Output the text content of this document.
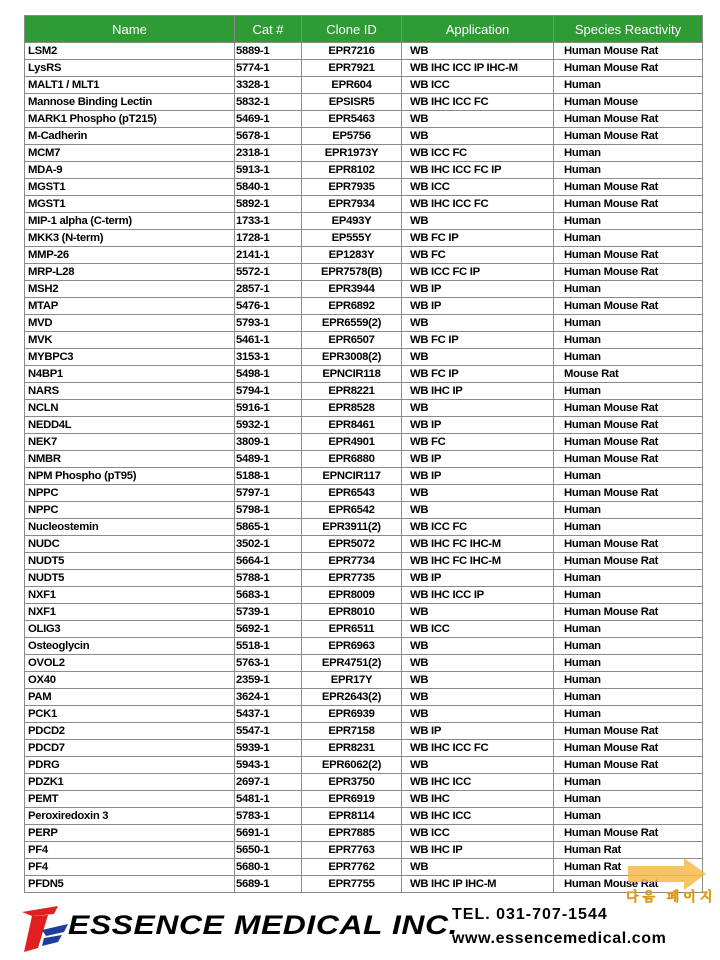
Name	Cat #	Clone ID	Application	Species Reactivity
LSM2	5889-1	EPR7216	WB	Human Mouse Rat
LysRS	5774-1	EPR7921	WB IHC ICC IP IHC-M	Human Mouse Rat
MALT1 / MLT1	3328-1	EPR604	WB ICC	Human
Mannose Binding Lectin	5832-1	EPSISR5	WB IHC ICC FC	Human Mouse
MARK1 Phospho (pT215)	5469-1	EPR5463	WB	Human Mouse Rat
M-Cadherin	5678-1	EP5756	WB	Human Mouse Rat
MCM7	2318-1	EPR1973Y	WB ICC FC	Human
MDA-9	5913-1	EPR8102	WB IHC ICC FC IP	Human
MGST1	5840-1	EPR7935	WB ICC	Human Mouse Rat
MGST1	5892-1	EPR7934	WB IHC ICC FC	Human Mouse Rat
MIP-1 alpha (C-term)	1733-1	EP493Y	WB	Human
MKK3 (N-term)	1728-1	EP555Y	WB FC IP	Human
MMP-26	2141-1	EP1283Y	WB FC	Human Mouse Rat
MRP-L28	5572-1	EPR7578(B)	WB ICC FC IP	Human Mouse Rat
MSH2	2857-1	EPR3944	WB IP	Human
MTAP	5476-1	EPR6892	WB IP	Human Mouse Rat
MVD	5793-1	EPR6559(2)	WB	Human
MVK	5461-1	EPR6507	WB FC IP	Human
MYBPC3	3153-1	EPR3008(2)	WB	Human
N4BP1	5498-1	EPNCIR118	WB FC IP	Mouse Rat
NARS	5794-1	EPR8221	WB IHC IP	Human
NCLN	5916-1	EPR8528	WB	Human Mouse Rat
NEDD4L	5932-1	EPR8461	WB IP	Human Mouse Rat
NEK7	3809-1	EPR4901	WB FC	Human Mouse Rat
NMBR	5489-1	EPR6880	WB IP	Human Mouse Rat
NPM Phospho (pT95)	5188-1	EPNCIR117	WB IP	Human
NPPC	5797-1	EPR6543	WB	Human Mouse Rat
NPPC	5798-1	EPR6542	WB	Human
Nucleostemin	5865-1	EPR3911(2)	WB ICC FC	Human
NUDC	3502-1	EPR5072	WB IHC FC IHC-M	Human Mouse Rat
NUDT5	5664-1	EPR7734	WB IHC FC IHC-M	Human Mouse Rat
NUDT5	5788-1	EPR7735	WB IP	Human
NXF1	5683-1	EPR8009	WB IHC ICC IP	Human
NXF1	5739-1	EPR8010	WB	Human Mouse Rat
OLIG3	5692-1	EPR6511	WB ICC	Human
Osteoglycin	5518-1	EPR6963	WB	Human
OVOL2	5763-1	EPR4751(2)	WB	Human
OX40	2359-1	EPR17Y	WB	Human
PAM	3624-1	EPR2643(2)	WB	Human
PCK1	5437-1	EPR6939	WB	Human
PDCD2	5547-1	EPR7158	WB IP	Human Mouse Rat
PDCD7	5939-1	EPR8231	WB IHC ICC FC	Human Mouse Rat
PDRG	5943-1	EPR6062(2)	WB	Human Mouse Rat
PDZK1	2697-1	EPR3750	WB IHC ICC	Human
PEMT	5481-1	EPR6919	WB IHC	Human
Peroxiredoxin 3	5783-1	EPR8114	WB IHC ICC	Human
PERP	5691-1	EPR7885	WB ICC	Human Mouse Rat
PF4	5650-1	EPR7763	WB IHC IP	Human Rat
PF4	5680-1	EPR7762	WB	Human Rat
PFDN5	5689-1	EPR7755	WB IHC IP IHC-M	Human Mouse Rat
다음 페이지
ESSENCE MEDICAL INC.
TEL. 031-707-1544
www.essencemedical.com
